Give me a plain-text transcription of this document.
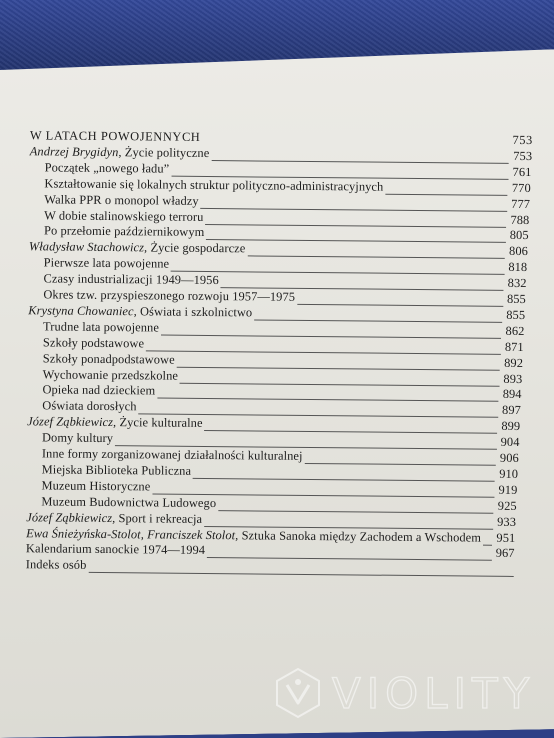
W LATACH POWOJENNYCH	753
Andrzej Brygidyn, Życie polityczne	753
Początek „nowego ładu”	761
Kształtowanie się lokalnych struktur polityczno-administracyjnych	770
Walka PPR o monopol władzy	777
W dobie stalinowskiego terroru	788
Po przełomie październikowym	805
Władysław Stachowicz, Życie gospodarcze	806
Pierwsze lata powojenne	818
Czasy industrializacji 1949—1956	832
Okres tzw. przyspieszonego rozwoju 1957—1975	855
Krystyna Chowaniec, Oświata i szkolnictwo	855
Trudne lata powojenne	862
Szkoły podstawowe	871
Szkoły ponadpodstawowe	892
Wychowanie przedszkolne	893
Opieka nad dzieckiem	894
Oświata dorosłych	897
Józef Ząbkiewicz, Życie kulturalne	899
Domy kultury	904
Inne formy zorganizowanej działalności kulturalnej	906
Miejska Biblioteka Publiczna	910
Muzeum Historyczne	919
Muzeum Budownictwa Ludowego	925
Józef Ząbkiewicz, Sport i rekreacja	933
Ewa Śnieżyńska-Stolot, Franciszek Stolot, Sztuka Sanoka między Zachodem a Wschodem 951
Kalendarium sanockie 1974—1994	967
Indeks osób
VIOLITY
